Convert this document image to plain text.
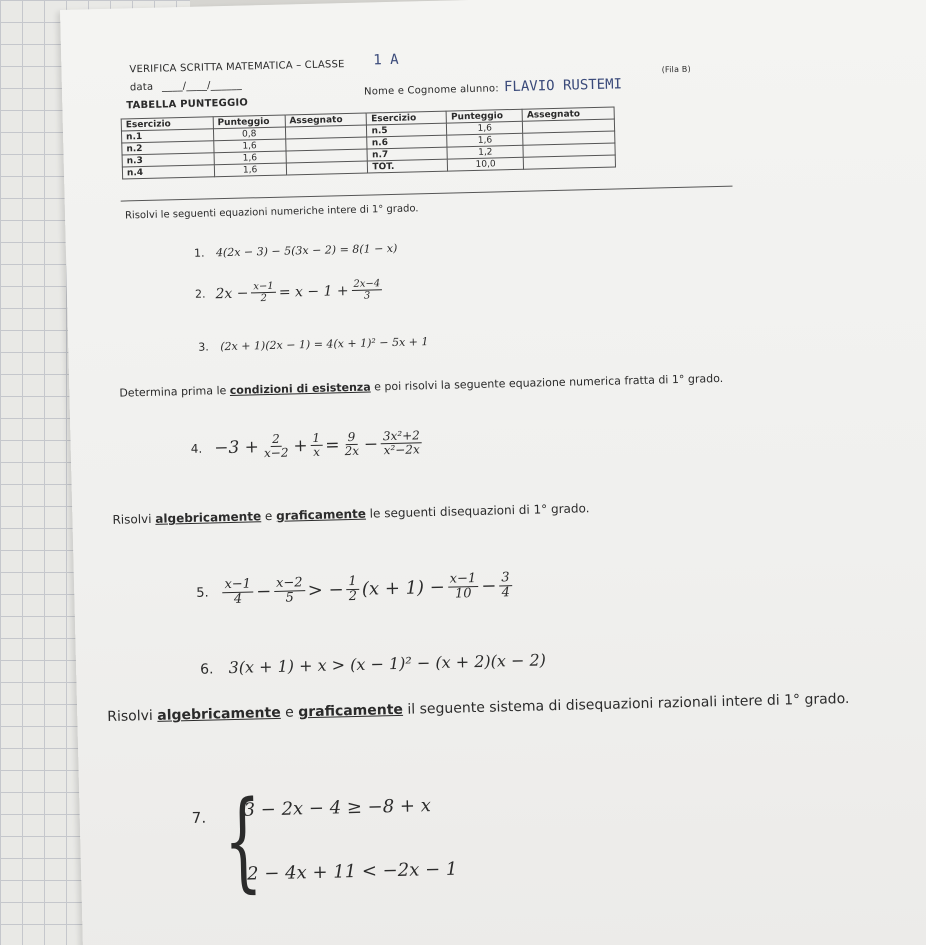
VERIFICA SCRITTA MATEMATICA – CLASSE 1 A
data ____/____/______	Nome e Cognome alunno: FLAVIO RUSTEMI
(Fila B)
TABELLA PUNTEGGIO
Esercizio	Punteggio	Assegnato	Esercizio	Punteggio	Assegnato
n.1	0,8		n.5	1,6	
n.2	1,6		n.6	1,6	
n.3	1,6		n.7	1,2	
n.4	1,6		TOT.	10,0	
Risolvi le seguenti equazioni numeriche intere di 1° grado.
1. 4(2x − 3) − 5(3x − 2) = 8(1 − x)
2. $2x - \frac{x-1}{2} = x - 1 + \frac{2x-4}{3}$
3. (2x + 1)(2x − 1) = 4(x + 1)² − 5x + 1
Determina prima le condizioni di esistenza e poi risolvi la seguente equazione numerica fratta di 1° grado.
4. $-3 + \frac{2}{x-2} + \frac{1}{x} = \frac{9}{2x} - \frac{\text{3x²+2}}{\text{x²−2x}}$
Risolvi algebricamente e graficamente le seguenti disequazioni di 1° grado.
5. $\frac{x-1}{4} - \frac{x-2}{5}$ > − $\frac{1}{2} (x + 1) - \frac{x-1}{10} - \frac{3}{4}$
6. 3(x + 1) + x > (x − 1)² − (x + 2)(x − 2)
Risolvi algebricamente e graficamente il seguente sistema di disequazioni razionali intere di 1° grado.
7. {
3 − 2x − 4 ≥ −8 + x
2 − 4x + 11 < −2x − 1
